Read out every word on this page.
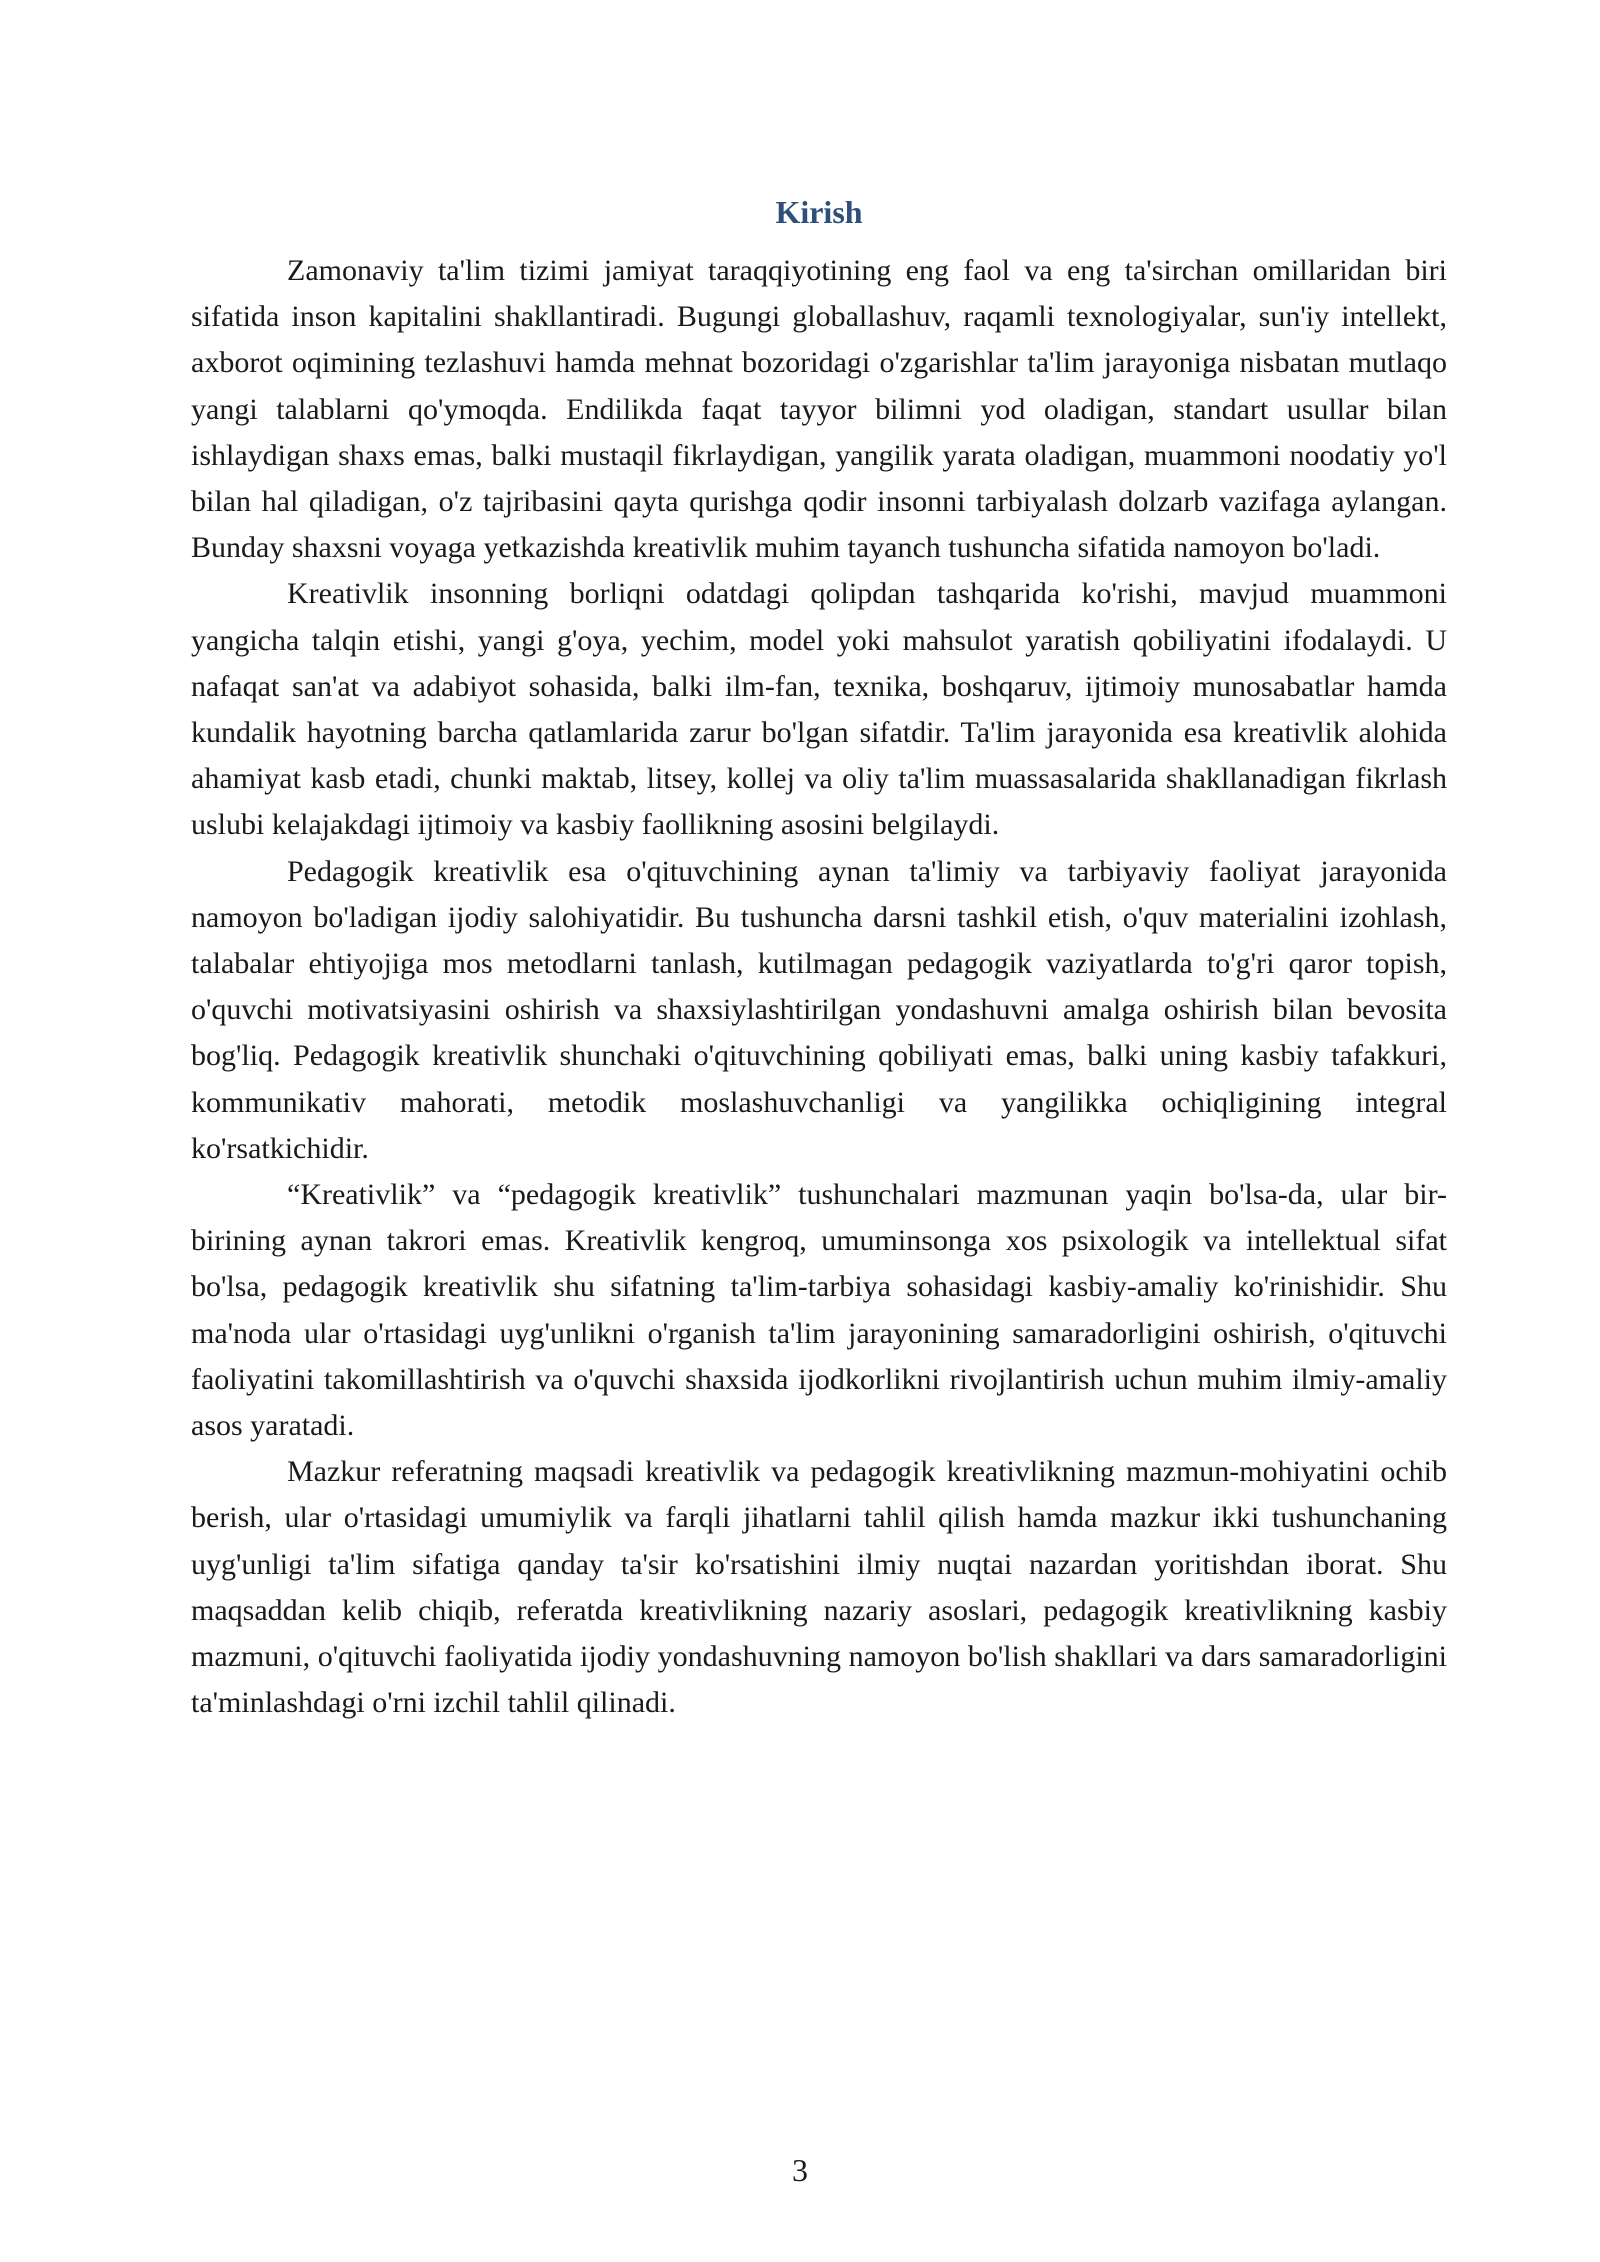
Kirish

Zamonaviy ta'lim tizimi jamiyat taraqqiyotining eng faol va eng ta'sirchan omillaridan biri sifatida inson kapitalini shakllantiradi. Bugungi globallashuv, raqamli texnologiyalar, sun'iy intellekt, axborot oqimining tezlashuvi hamda mehnat bozoridagi o'zgarishlar ta'lim jarayoniga nisbatan mutlaqo yangi talablarni qo'ymoqda. Endilikda faqat tayyor bilimni yod oladigan, standart usullar bilan ishlaydigan shaxs emas, balki mustaqil fikrlaydigan, yangilik yarata oladigan, muammoni noodatiy yo'l bilan hal qiladigan, o'z tajribasini qayta qurishga qodir insonni tarbiyalash dolzarb vazifaga aylangan. Bunday shaxsni voyaga yetkazishda kreativlik muhim tayanch tushuncha sifatida namoyon bo'ladi.

Kreativlik insonning borliqni odatdagi qolipdan tashqarida ko'rishi, mavjud muammoni yangicha talqin etishi, yangi g'oya, yechim, model yoki mahsulot yaratish qobiliyatini ifodalaydi. U nafaqat san'at va adabiyot sohasida, balki ilm-fan, texnika, boshqaruv, ijtimoiy munosabatlar hamda kundalik hayotning barcha qatlamlarida zarur bo'lgan sifatdir. Ta'lim jarayonida esa kreativlik alohida ahamiyat kasb etadi, chunki maktab, litsey, kollej va oliy ta'lim muassasalarida shakllanadigan fikrlash uslubi kelajakdagi ijtimoiy va kasbiy faollikning asosini belgilaydi.

Pedagogik kreativlik esa o'qituvchining aynan ta'limiy va tarbiyaviy faoliyat jarayonida namoyon bo'ladigan ijodiy salohiyatidir. Bu tushuncha darsni tashkil etish, o'quv materialini izohlash, talabalar ehtiyojiga mos metodlarni tanlash, kutilmagan pedagogik vaziyatlarda to'g'ri qaror topish, o'quvchi motivatsiyasini oshirish va shaxsiylashtirilgan yondashuvni amalga oshirish bilan bevosita bog'liq. Pedagogik kreativlik shunchaki o'qituvchining qobiliyati emas, balki uning kasbiy tafakkuri, kommunikativ mahorati, metodik moslashuvchanligi va yangilikka ochiqligining integral ko'rsatkichidir.

“Kreativlik” va “pedagogik kreativlik” tushunchalari mazmunan yaqin bo'lsa-da, ular bir-birining aynan takrori emas. Kreativlik kengroq, umuminsonga xos psixologik va intellektual sifat bo'lsa, pedagogik kreativlik shu sifatning ta'lim-tarbiya sohasidagi kasbiy-amaliy ko'rinishidir. Shu ma'noda ular o'rtasidagi uyg'unlikni o'rganish ta'lim jarayonining samaradorligini oshirish, o'qituvchi faoliyatini takomillashtirish va o'quvchi shaxsida ijodkorlikni rivojlantirish uchun muhim ilmiy-amaliy asos yaratadi.

Mazkur referatning maqsadi kreativlik va pedagogik kreativlikning mazmun-mohiyatini ochib berish, ular o'rtasidagi umumiylik va farqli jihatlarni tahlil qilish hamda mazkur ikki tushunchaning uyg'unligi ta'lim sifatiga qanday ta'sir ko'rsatishini ilmiy nuqtai nazardan yoritishdan iborat. Shu maqsaddan kelib chiqib, referatda kreativlikning nazariy asoslari, pedagogik kreativlikning kasbiy mazmuni, o'qituvchi faoliyatida ijodiy yondashuvning namoyon bo'lish shakllari va dars samaradorligini ta'minlashdagi o'rni izchil tahlil qilinadi.

3
